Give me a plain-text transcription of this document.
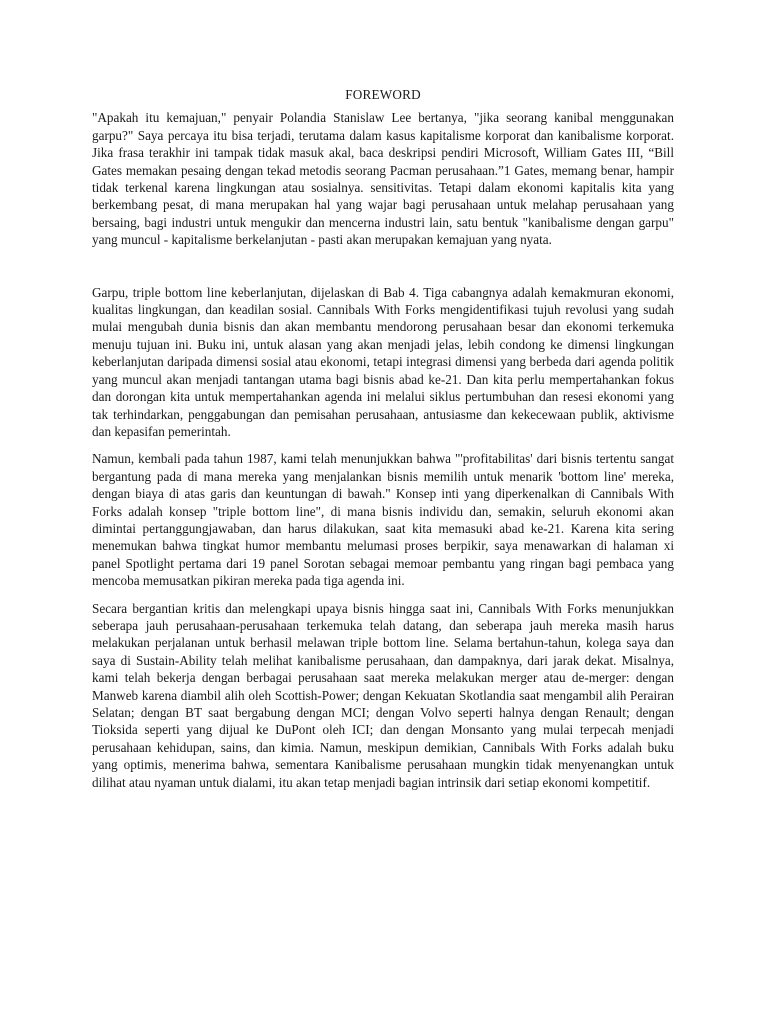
FOREWORD

"Apakah itu kemajuan," penyair Polandia Stanislaw Lee bertanya, "jika seorang kanibal menggunakan garpu?" Saya percaya itu bisa terjadi, terutama dalam kasus kapitalisme korporat dan kanibalisme korporat. Jika frasa terakhir ini tampak tidak masuk akal, baca deskripsi pendiri Microsoft, William Gates III, “Bill Gates memakan pesaing dengan tekad metodis seorang Pacman perusahaan.”1 Gates, memang benar, hampir tidak terkenal karena lingkungan atau sosialnya. sensitivitas. Tetapi dalam ekonomi kapitalis kita yang berkembang pesat, di mana merupakan hal yang wajar bagi perusahaan untuk melahap perusahaan yang bersaing, bagi industri untuk mengukir dan mencerna industri lain, satu bentuk "kanibalisme dengan garpu" yang muncul - kapitalisme berkelanjutan - pasti akan merupakan kemajuan yang nyata.

Garpu, triple bottom line keberlanjutan, dijelaskan di Bab 4. Tiga cabangnya adalah kemakmuran ekonomi, kualitas lingkungan, dan keadilan sosial. Cannibals With Forks mengidentifikasi tujuh revolusi yang sudah mulai mengubah dunia bisnis dan akan membantu mendorong perusahaan besar dan ekonomi terkemuka menuju tujuan ini. Buku ini, untuk alasan yang akan menjadi jelas, lebih condong ke dimensi lingkungan keberlanjutan daripada dimensi sosial atau ekonomi, tetapi integrasi dimensi yang berbeda dari agenda politik yang muncul akan menjadi tantangan utama bagi bisnis abad ke-21. Dan kita perlu mempertahankan fokus dan dorongan kita untuk mempertahankan agenda ini melalui siklus pertumbuhan dan resesi ekonomi yang tak terhindarkan, penggabungan dan pemisahan perusahaan, antusiasme dan kekecewaan publik, aktivisme dan kepasifan pemerintah.

Namun, kembali pada tahun 1987, kami telah menunjukkan bahwa "'profitabilitas' dari bisnis tertentu sangat bergantung pada di mana mereka yang menjalankan bisnis memilih untuk menarik 'bottom line' mereka, dengan biaya di atas garis dan keuntungan di bawah." Konsep inti yang diperkenalkan di Cannibals With Forks adalah konsep "triple bottom line", di mana bisnis individu dan, semakin, seluruh ekonomi akan dimintai pertanggungjawaban, dan harus dilakukan, saat kita memasuki abad ke-21. Karena kita sering menemukan bahwa tingkat humor membantu melumasi proses berpikir, saya menawarkan di halaman xi panel Spotlight pertama dari 19 panel Sorotan sebagai memoar pembantu yang ringan bagi pembaca yang mencoba memusatkan pikiran mereka pada tiga agenda ini.

Secara bergantian kritis dan melengkapi upaya bisnis hingga saat ini, Cannibals With Forks menunjukkan seberapa jauh perusahaan-perusahaan terkemuka telah datang, dan seberapa jauh mereka masih harus melakukan perjalanan untuk berhasil melawan triple bottom line. Selama bertahun-tahun, kolega saya dan saya di Sustain-Ability telah melihat kanibalisme perusahaan, dan dampaknya, dari jarak dekat. Misalnya, kami telah bekerja dengan berbagai perusahaan saat mereka melakukan merger atau de-merger: dengan Manweb karena diambil alih oleh Scottish-Power; dengan Kekuatan Skotlandia saat mengambil alih Perairan Selatan; dengan BT saat bergabung dengan MCI; dengan Volvo seperti halnya dengan Renault; dengan Tioksida seperti yang dijual ke DuPont oleh ICI; dan dengan Monsanto yang mulai terpecah menjadi perusahaan kehidupan, sains, dan kimia. Namun, meskipun demikian, Cannibals With Forks adalah buku yang optimis, menerima bahwa, sementara Kanibalisme perusahaan mungkin tidak menyenangkan untuk dilihat atau nyaman untuk dialami, itu akan tetap menjadi bagian intrinsik dari setiap ekonomi kompetitif.
